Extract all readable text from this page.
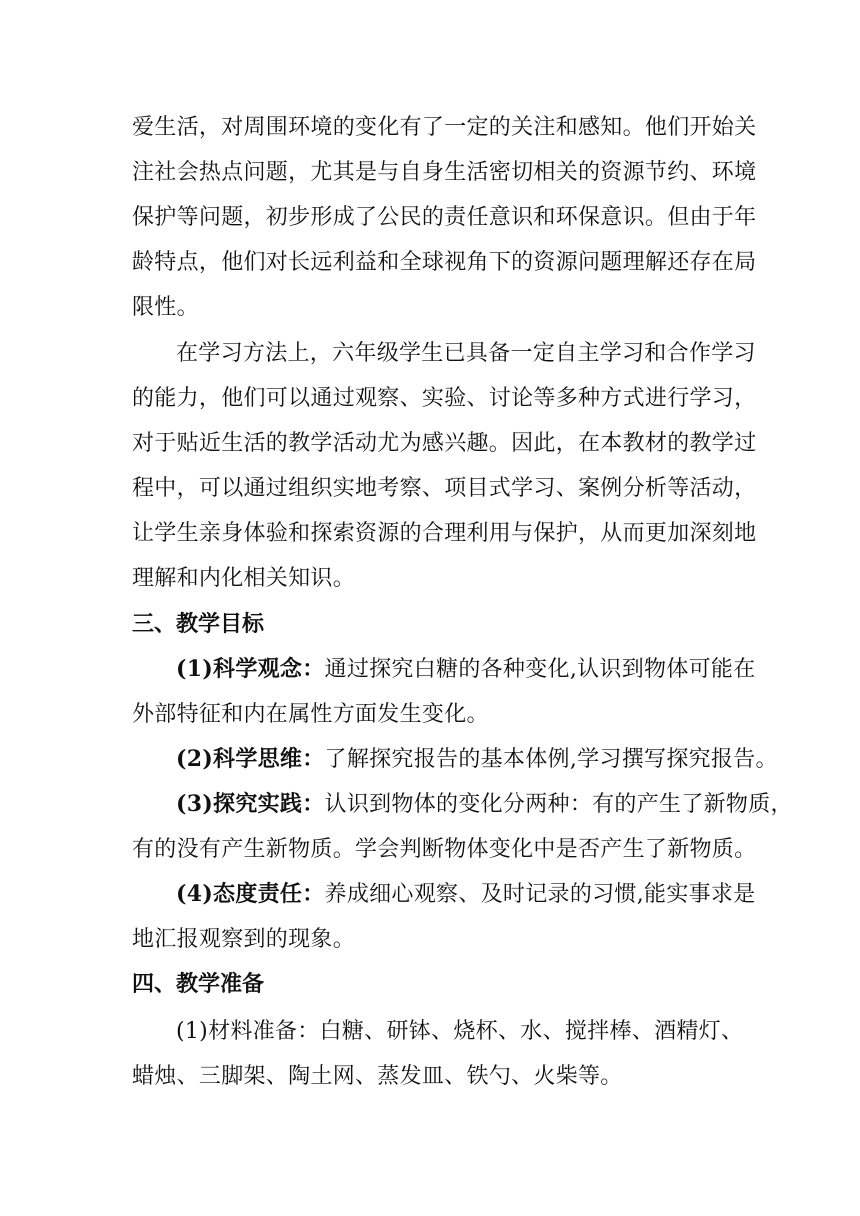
爱生活，对周围环境的变化有了一定的关注和感知。他们开始关
注社会热点问题，尤其是与自身生活密切相关的资源节约、环境
保护等问题，初步形成了公民的责任意识和环保意识。但由于年
龄特点，他们对长远利益和全球视角下的资源问题理解还存在局
限性。
在学习方法上，六年级学生已具备一定自主学习和合作学习
的能力，他们可以通过观察、实验、讨论等多种方式进行学习，
对于贴近生活的教学活动尤为感兴趣。因此，在本教材的教学过
程中，可以通过组织实地考察、项目式学习、案例分析等活动，
让学生亲身体验和探索资源的合理利用与保护，从而更加深刻地
理解和内化相关知识。
三、教学目标
(1)科学观念：通过探究白糖的各种变化,认识到物体可能在
外部特征和内在属性方面发生变化。
(2)科学思维：了解探究报告的基本体例,学习撰写探究报告。
(3)探究实践：认识到物体的变化分两种：有的产生了新物质，
有的没有产生新物质。学会判断物体变化中是否产生了新物质。
(4)态度责任：养成细心观察、及时记录的习惯,能实事求是
地汇报观察到的现象。
四、教学准备
(1)材料准备：白糖、研钵、烧杯、水、搅拌棒、酒精灯、
蜡烛、三脚架、陶土网、蒸发皿、铁勺、火柴等。
